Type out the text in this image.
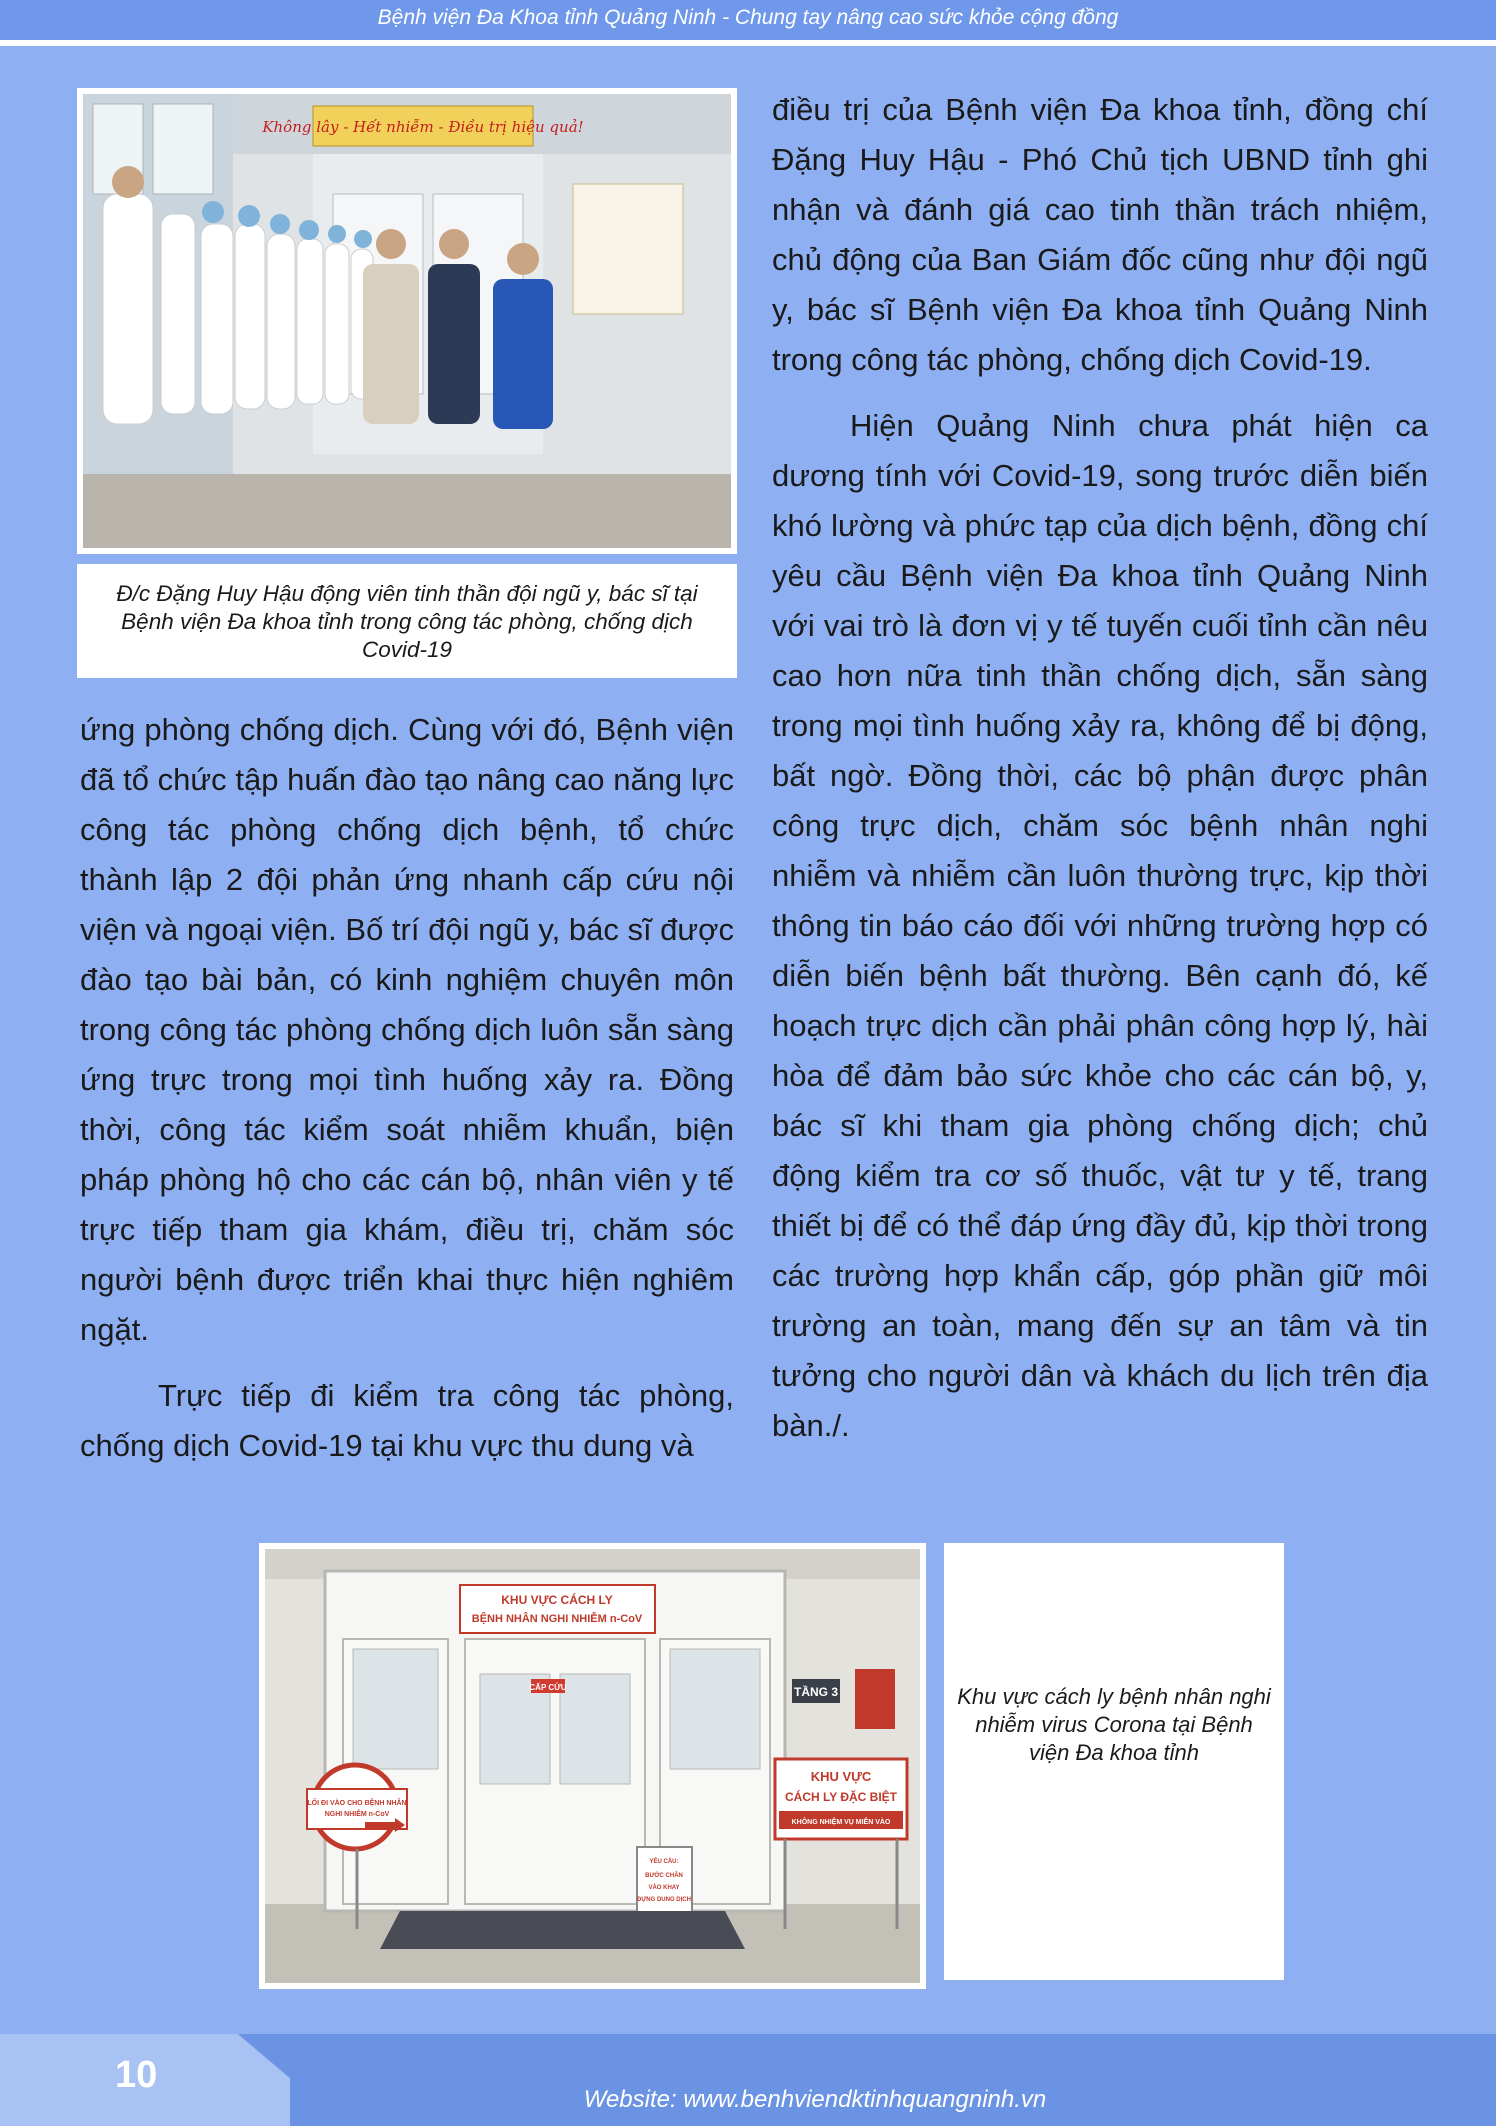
Bệnh viện Đa Khoa tỉnh Quảng Ninh - Chung tay nâng cao sức khỏe cộng đồng
Không lây - Hết nhiễm - Điều trị hiệu quả!
Đ/c Đặng Huy Hậu động viên tinh thần đội ngũ y, bác sĩ tại Bệnh viện Đa khoa tỉnh trong công tác phòng, chống dịch Covid-19

ứng phòng chống dịch. Cùng với đó, Bệnh viện đã tổ chức tập huấn đào tạo nâng cao năng lực công tác phòng chống dịch bệnh, tổ chức thành lập 2 đội phản ứng nhanh cấp cứu nội viện và ngoại viện. Bố trí đội ngũ y, bác sĩ được đào tạo bài bản, có kinh nghiệm chuyên môn trong công tác phòng chống dịch luôn sẵn sàng ứng trực trong mọi tình huống xảy ra. Đồng thời, công tác kiểm soát nhiễm khuẩn, biện pháp phòng hộ cho các cán bộ, nhân viên y tế trực tiếp tham gia khám, điều trị, chăm sóc người bệnh được triển khai thực hiện nghiêm ngặt.

Trực tiếp đi kiểm tra công tác phòng, chống dịch Covid-19 tại khu vực thu dung và

điều trị của Bệnh viện Đa khoa tỉnh, đồng chí Đặng Huy Hậu - Phó Chủ tịch UBND tỉnh ghi nhận và đánh giá cao tinh thần trách nhiệm, chủ động của Ban Giám đốc cũng như đội ngũ y, bác sĩ Bệnh viện Đa khoa tỉnh Quảng Ninh trong công tác phòng, chống dịch Covid-19.

Hiện Quảng Ninh chưa phát hiện ca dương tính với Covid-19, song trước diễn biến khó lường và phức tạp của dịch bệnh, đồng chí yêu cầu Bệnh viện Đa khoa tỉnh Quảng Ninh với vai trò là đơn vị y tế tuyến cuối tỉnh cần nêu cao hơn nữa tinh thần chống dịch, sẵn sàng trong mọi tình huống xảy ra, không để bị động, bất ngờ. Đồng thời, các bộ phận được phân công trực dịch, chăm sóc bệnh nhân nghi nhiễm và nhiễm cần luôn thường trực, kịp thời thông tin báo cáo đối với những trường hợp có diễn biến bệnh bất thường. Bên cạnh đó, kế hoạch trực dịch cần phải phân công hợp lý, hài hòa để đảm bảo sức khỏe cho các cán bộ, y, bác sĩ khi tham gia phòng chống dịch; chủ động kiểm tra cơ số thuốc, vật tư y tế, trang thiết bị để có thể đáp ứng đầy đủ, kịp thời trong các trường hợp khẩn cấp, góp phần giữ môi trường an toàn, mang đến sự an tâm và tin tưởng cho người dân và khách du lịch trên địa bàn./.

KHU VỰC CÁCH LY
BỆNH NHÂN NGHI NHIỄM n-CoV
CẤP CỨU	TẦNG 3
LỐI ĐI VÀO CHO BỆNH NHÂN
NGHI NHIỄM n-CoV
KHU VỰC
CÁCH LY ĐẶC BIỆT
KHÔNG NHIỆM VỤ MIỄN VÀO
YÊU CẦU:
BƯỚC CHÂN
VÀO KHAY
ĐỰNG DUNG DỊCH
Khu vực cách ly bệnh nhân nghi nhiễm virus Corona tại Bệnh viện Đa khoa tỉnh
10
Website: www.benhviendktinhquangninh.vn
